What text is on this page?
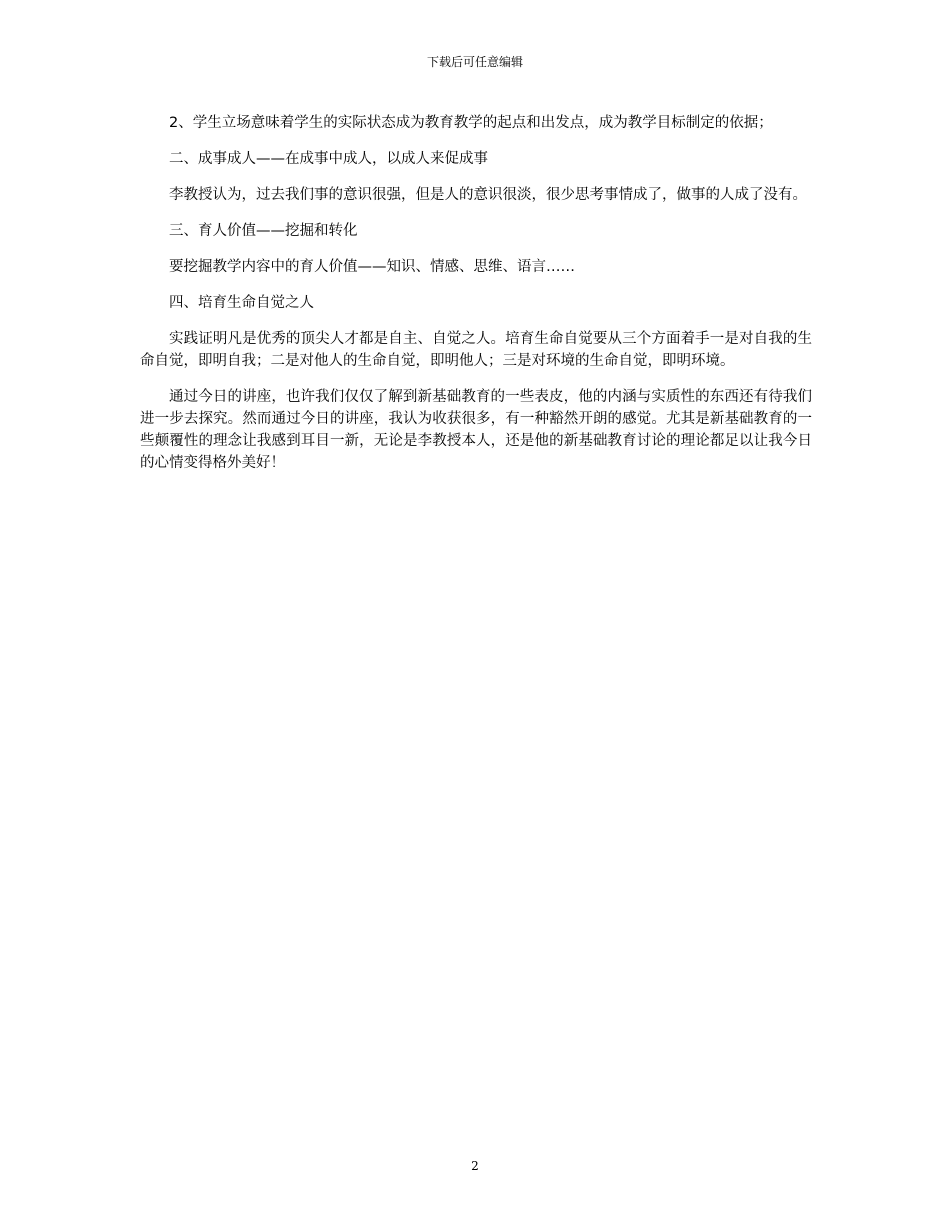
下载后可任意编辑

2、学生立场意味着学生的实际状态成为教育教学的起点和出发点，成为教学目标制定的依据；

二、成事成人——在成事中成人，以成人来促成事

李教授认为，过去我们事的意识很强，但是人的意识很淡，很少思考事情成了，做事的人成了没有。

三、育人价值——挖掘和转化

要挖掘教学内容中的育人价值——知识、情感、思维、语言……

四、培育生命自觉之人

实践证明凡是优秀的顶尖人才都是自主、自觉之人。培育生命自觉要从三个方面着手一是对自我的生命自觉，即明自我；二是对他人的生命自觉，即明他人；三是对环境的生命自觉，即明环境。

通过今日的讲座，也许我们仅仅了解到新基础教育的一些表皮，他的内涵与实质性的东西还有待我们进一步去探究。然而通过今日的讲座，我认为收获很多，有一种豁然开朗的感觉。尤其是新基础教育的一些颠覆性的理念让我感到耳目一新，无论是李教授本人，还是他的新基础教育讨论的理论都足以让我今日的心情变得格外美好！

2
